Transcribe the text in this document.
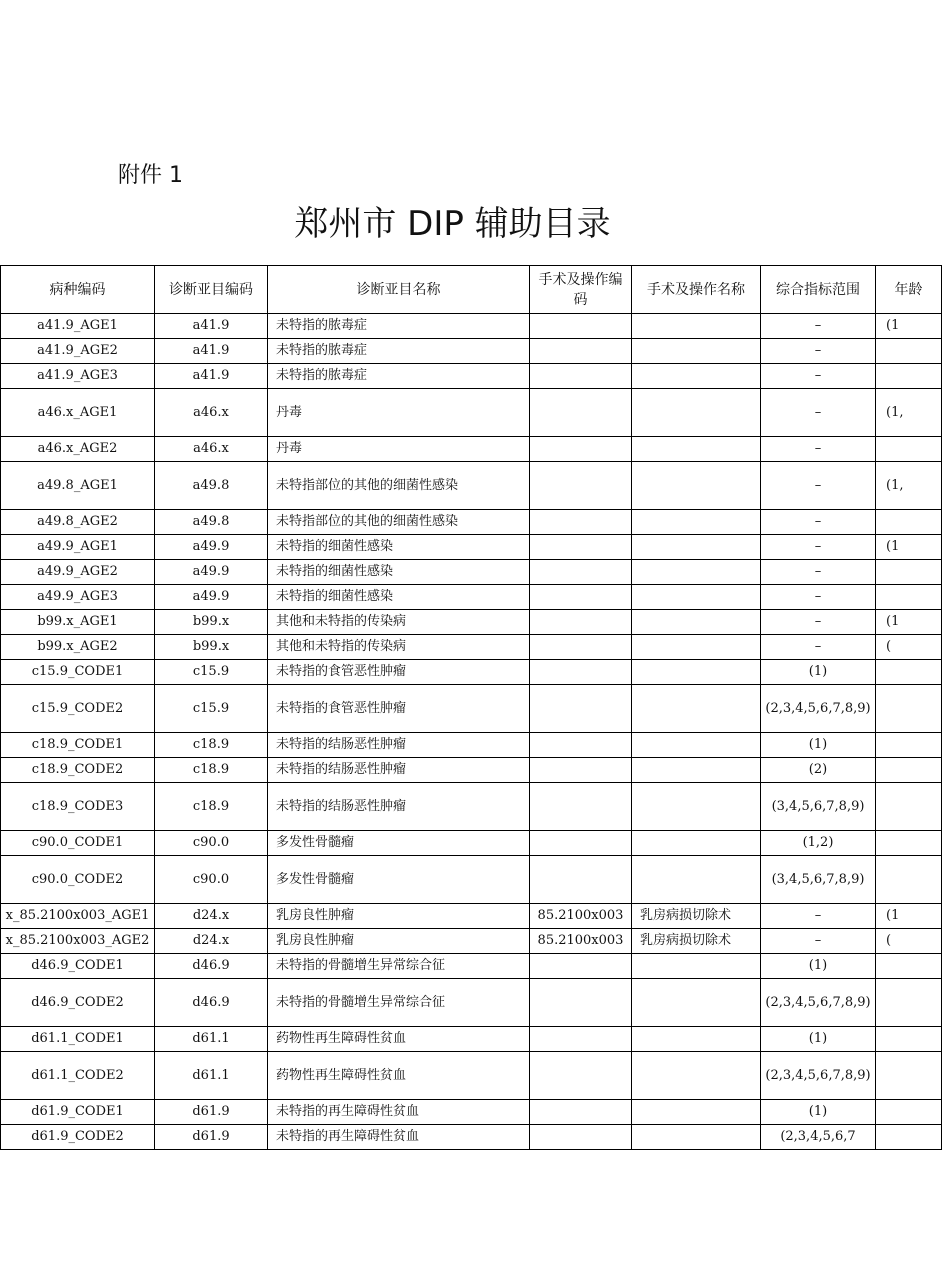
附件 1
郑州市 DIP 辅助目录
病种编码	诊断亚目编码	诊断亚目名称	手术及操作编码	手术及操作名称	综合指标范围	年龄
a41.9_AGE1	a41.9	未特指的脓毒症			–	(1
a41.9_AGE2	a41.9	未特指的脓毒症			–	
a41.9_AGE3	a41.9	未特指的脓毒症			–	
a46.x_AGE1	a46.x	丹毒			–	(1,
a46.x_AGE2	a46.x	丹毒			–	
a49.8_AGE1	a49.8	未特指部位的其他的细菌性感染			–	(1,
a49.8_AGE2	a49.8	未特指部位的其他的细菌性感染			–	
a49.9_AGE1	a49.9	未特指的细菌性感染			–	(1
a49.9_AGE2	a49.9	未特指的细菌性感染			–	
a49.9_AGE3	a49.9	未特指的细菌性感染			–	
b99.x_AGE1	b99.x	其他和未特指的传染病			–	(1
b99.x_AGE2	b99.x	其他和未特指的传染病			–	(
c15.9_CODE1	c15.9	未特指的食管恶性肿瘤			(1)	
c15.9_CODE2	c15.9	未特指的食管恶性肿瘤			(2,3,4,5,6,7,8,9)	
c18.9_CODE1	c18.9	未特指的结肠恶性肿瘤			(1)	
c18.9_CODE2	c18.9	未特指的结肠恶性肿瘤			(2)	
c18.9_CODE3	c18.9	未特指的结肠恶性肿瘤			(3,4,5,6,7,8,9)	
c90.0_CODE1	c90.0	多发性骨髓瘤			(1,2)	
c90.0_CODE2	c90.0	多发性骨髓瘤			(3,4,5,6,7,8,9)	
x_85.2100x003_AGE1	d24.x	乳房良性肿瘤	85.2100x003	乳房病损切除术	–	(1
x_85.2100x003_AGE2	d24.x	乳房良性肿瘤	85.2100x003	乳房病损切除术	–	(
d46.9_CODE1	d46.9	未特指的骨髓增生异常综合征			(1)	
d46.9_CODE2	d46.9	未特指的骨髓增生异常综合征			(2,3,4,5,6,7,8,9)	
d61.1_CODE1	d61.1	药物性再生障碍性贫血			(1)	
d61.1_CODE2	d61.1	药物性再生障碍性贫血			(2,3,4,5,6,7,8,9)	
d61.9_CODE1	d61.9	未特指的再生障碍性贫血			(1)	
d61.9_CODE2	d61.9	未特指的再生障碍性贫血			(2,3,4,5,6,7	
